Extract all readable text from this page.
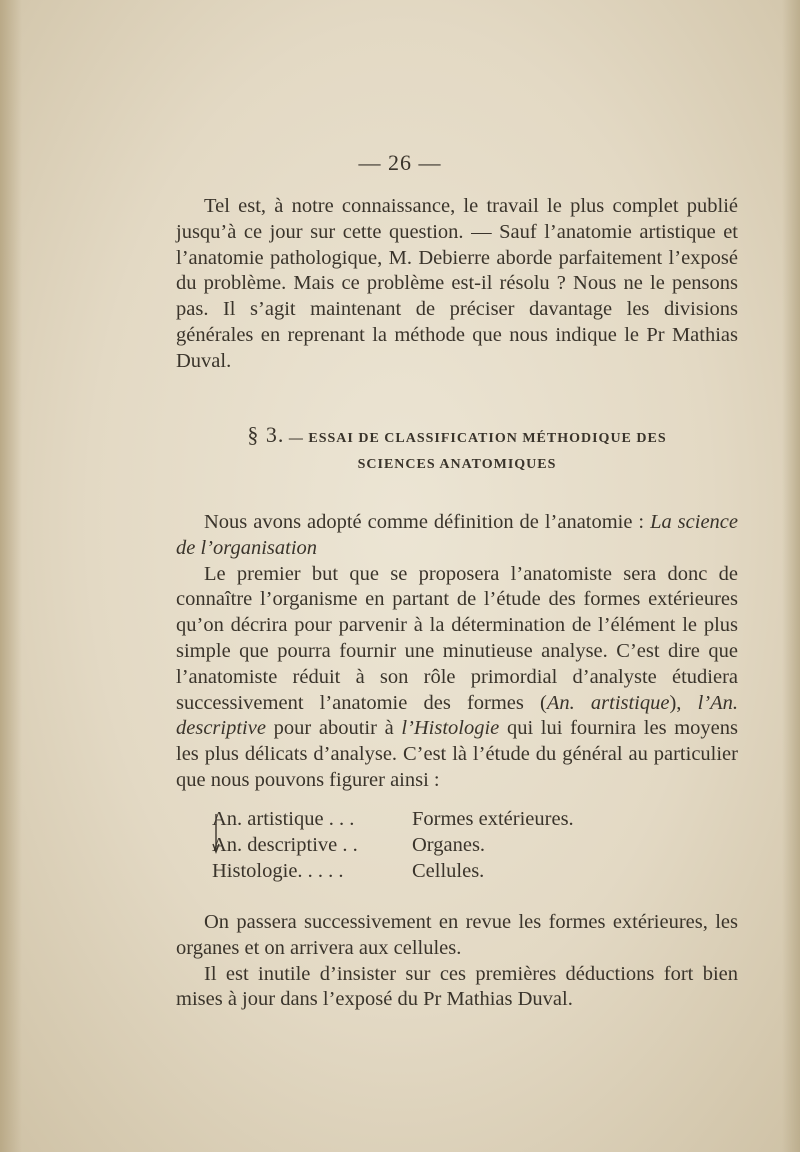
— 26 —

Tel est, à notre connaissance, le travail le plus complet publié jusqu’à ce jour sur cette question. — Sauf l’anatomie artistique et l’anatomie pathologique, M. Debierre aborde parfaitement l’exposé du problème. Mais ce problème est-il résolu ? Nous ne le pensons pas. Il s’agit maintenant de préciser davantage les divisions générales en reprenant la méthode que nous indique le Pr Mathias Duval.

§ 3. — ESSAI DE CLASSIFICATION MÉTHODIQUE DES
SCIENCES ANATOMIQUES

Nous avons adopté comme définition de l’anatomie : La science de l’organisation

Le premier but que se proposera l’anatomiste sera donc de connaître l’organisme en partant de l’étude des formes extérieures qu’on décrira pour parvenir à la détermination de l’élément le plus simple que pourra fournir une minutieuse analyse. C’est dire que l’anatomiste réduit à son rôle primordial d’analyste étudiera successivement l’anatomie des formes (An. artistique), l’An. descriptive pour aboutir à l’Histologie qui lui fournira les moyens les plus délicats d’analyse. C’est là l’étude du général au particulier que nous pouvons figurer ainsi :

An. artistique . . .	Formes extérieures.
An. descriptive . .	Organes.
Histologie. . . . .	Cellules.

On passera successivement en revue les formes extérieures, les organes et on arrivera aux cellules.

Il est inutile d’insister sur ces premières déductions fort bien mises à jour dans l’exposé du Pr Mathias Duval.
